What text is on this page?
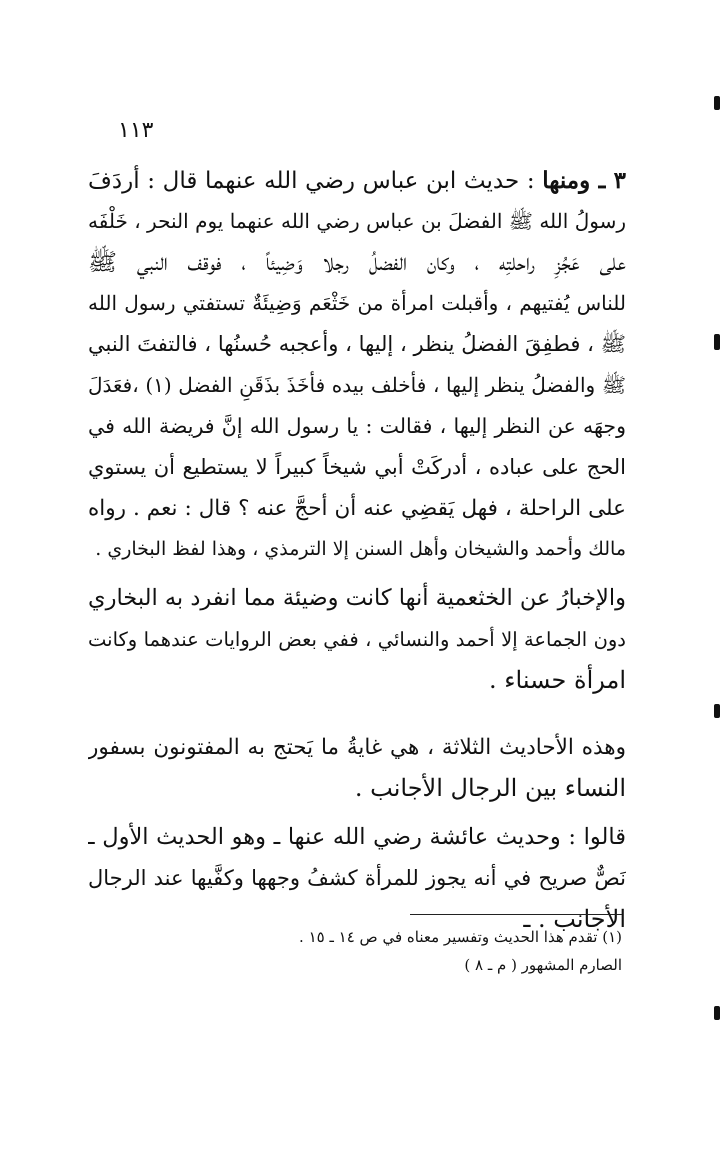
١١٣
٣ ـ ومنها : حديث ابن عباس رضي الله عنهما قال : أردَفَ
رسولُ الله ﷺ الفضلَ بن عباس رضي الله عنهما يوم النحر ، خَلْفَه
على عَجُزِ راحلتِه ، وكان الفضلُ رجلا وَضِيئاً ، فوقف النبي ﷺ
للناس يُفتيهم ، وأقبلت امرأة من خَثْعَم وَضِيئَةٌ تستفتي رسول الله
ﷺ ، فطفِقَ الفضلُ ينظر ، إليها ، وأعجبه حُسنُها ، فالتفتَ النبي
ﷺ والفضلُ ينظر إليها ، فأخلف بيده فأخَذَ بذَقَنِ الفضل (١) ،فعَدَلَ
وجهَه عن النظر إليها ، فقالت : يا رسول الله إنَّ فريضة الله في
الحج على عباده ، أدركَتْ أبي شيخاً كبيراً لا يستطيع أن يستوي
على الراحلة ، فهل يَقضِي عنه أن أحجَّ عنه ؟ قال : نعم . رواه
مالك وأحمد والشيخان وأهل السنن إلا الترمذي ، وهذا لفظ البخاري .
والإخبارُ عن الخثعمية أنها كانت وضيئة مما انفرد به البخاري
دون الجماعة إلا أحمد والنسائي ، ففي بعض الروايات عندهما وكانت
امرأة حسناء .
وهذه الأحاديث الثلاثة ، هي غايةُ ما يَحتج به المفتونون بسفور
النساء بين الرجال الأجانب .
قالوا : وحديث عائشة رضي الله عنها ـ وهو الحديث الأول ـ
نَصٌّ صريح في أنه يجوز للمرأة كشفُ وجهها وكفَّيها عند الرجال
الأجانب . ـ
(١) تقدم هذا الحديث وتفسير معناه في ص ١٤ ـ ١٥ .
الصارم المشهور ( م ـ ٨ )
